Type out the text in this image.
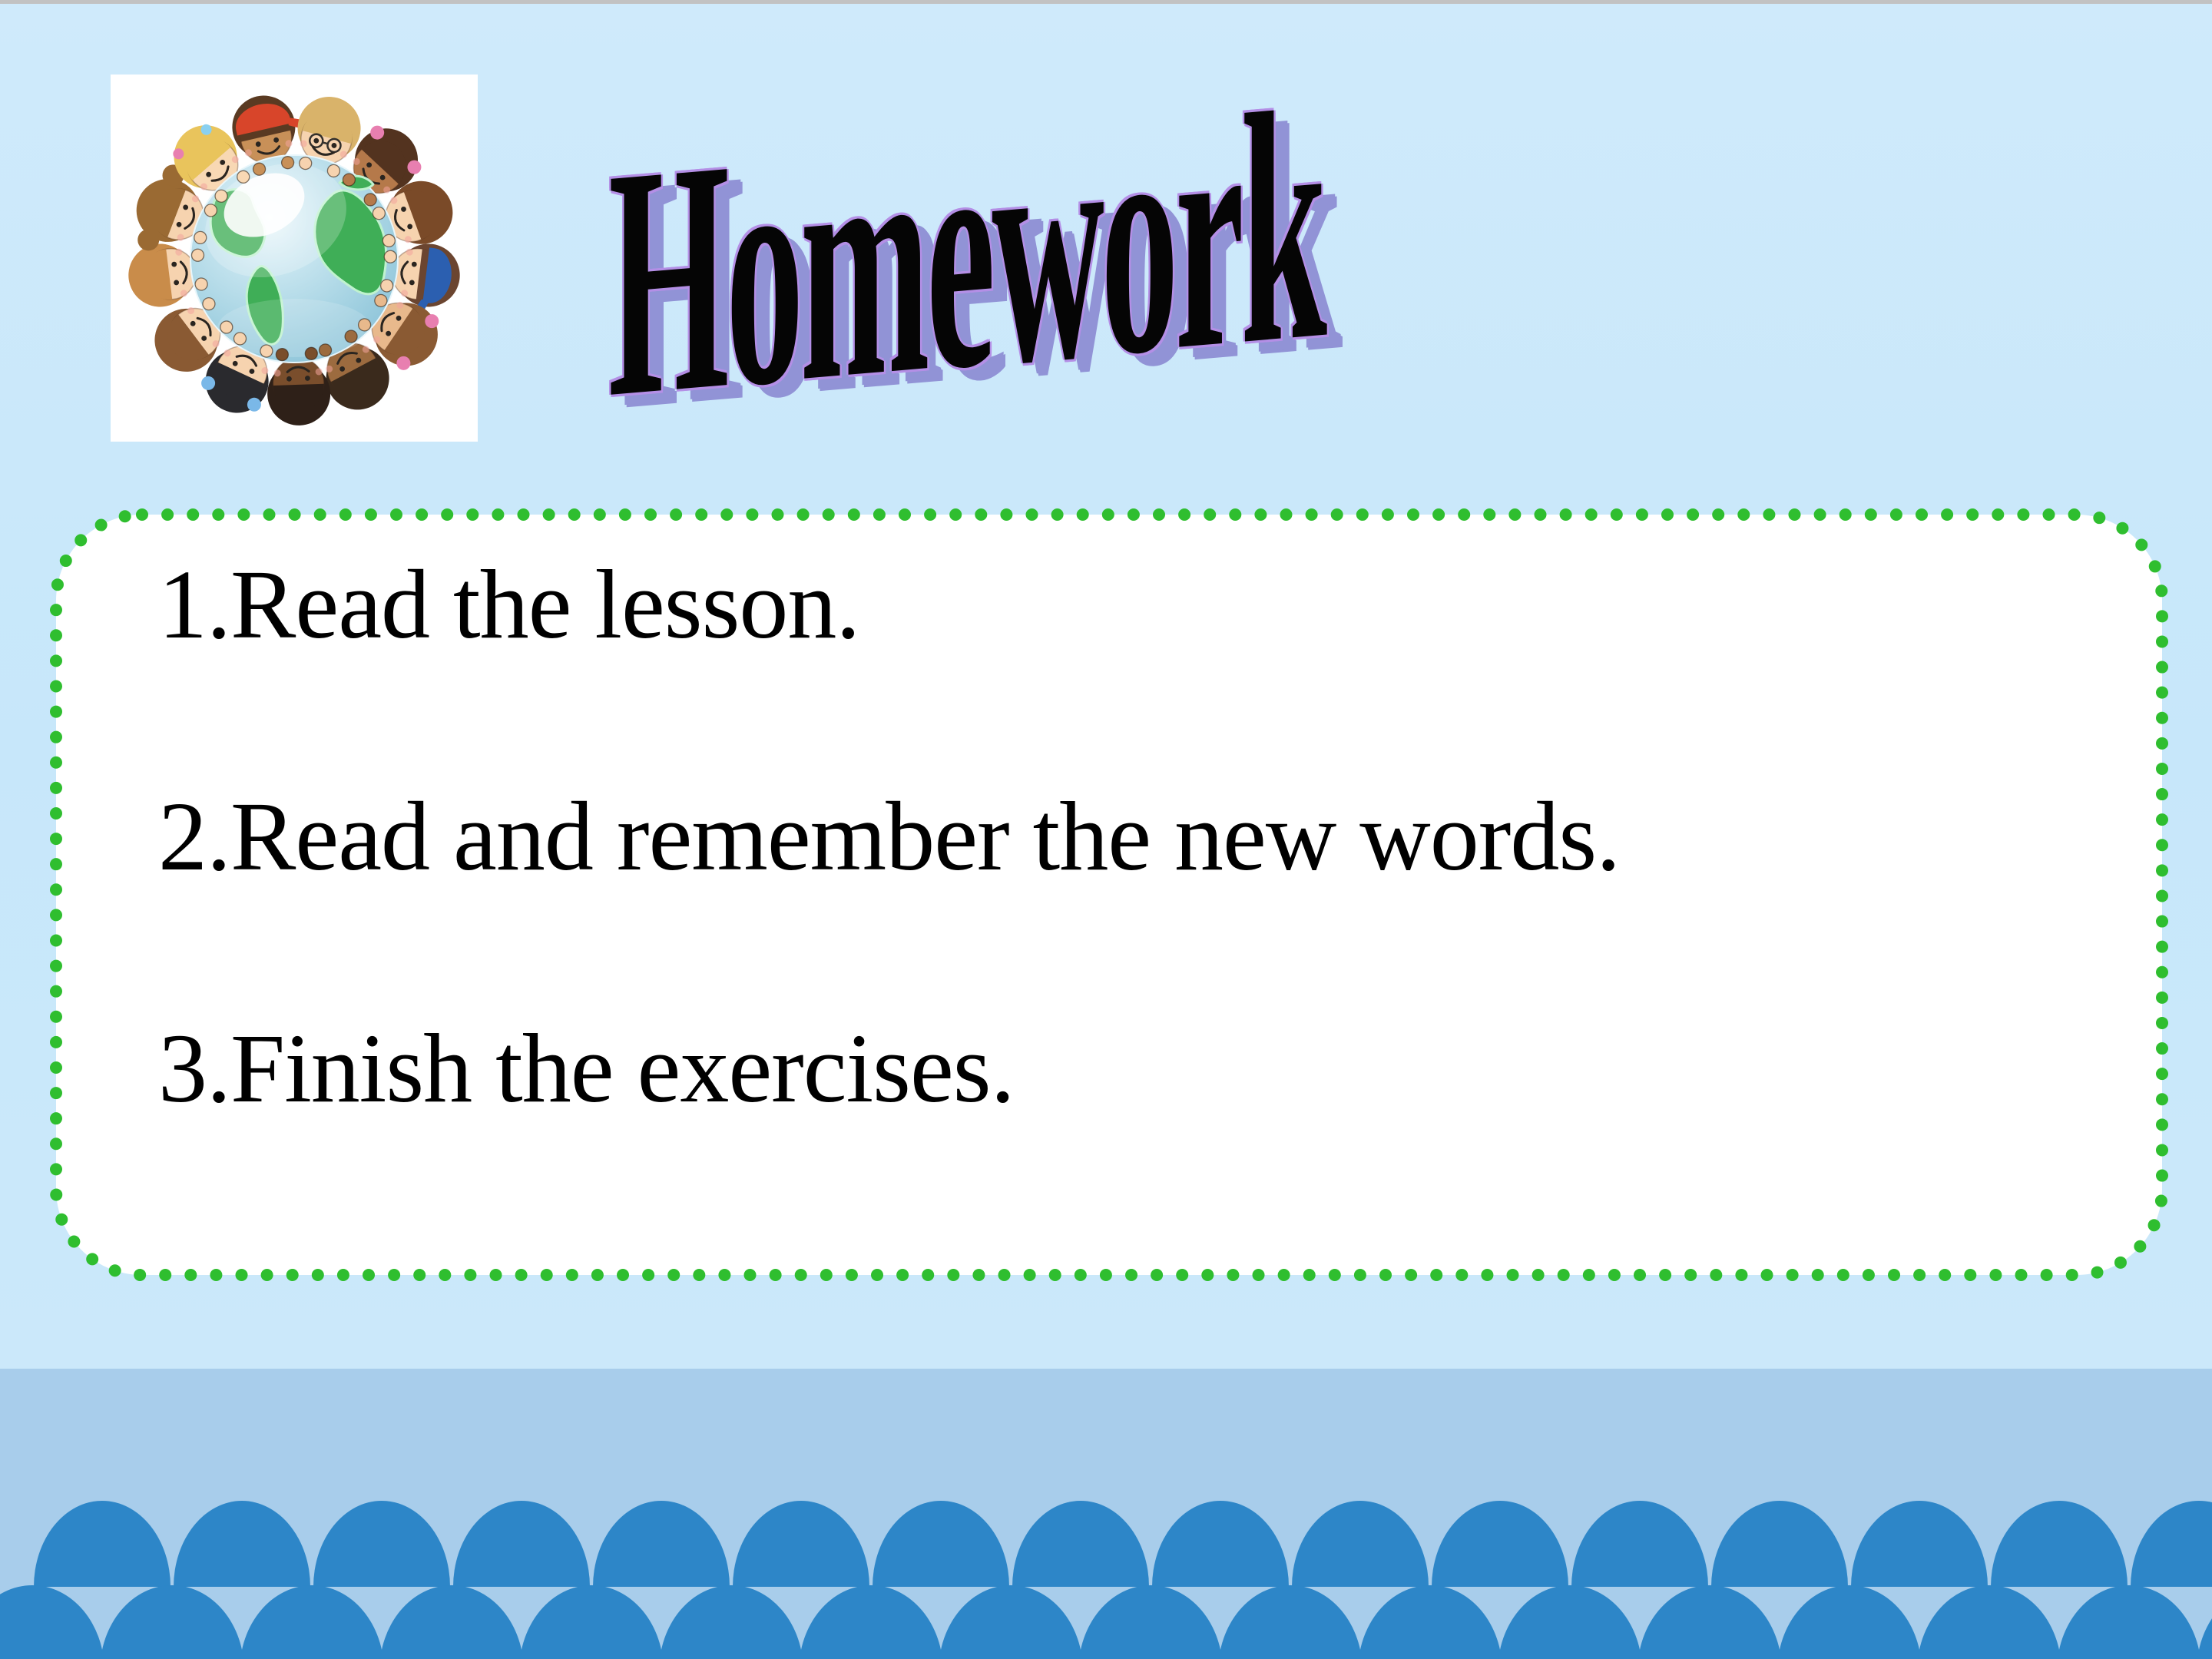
Homework
1.Read the lesson.
2.Read and remember the new words.
3.Finish the exercises.
